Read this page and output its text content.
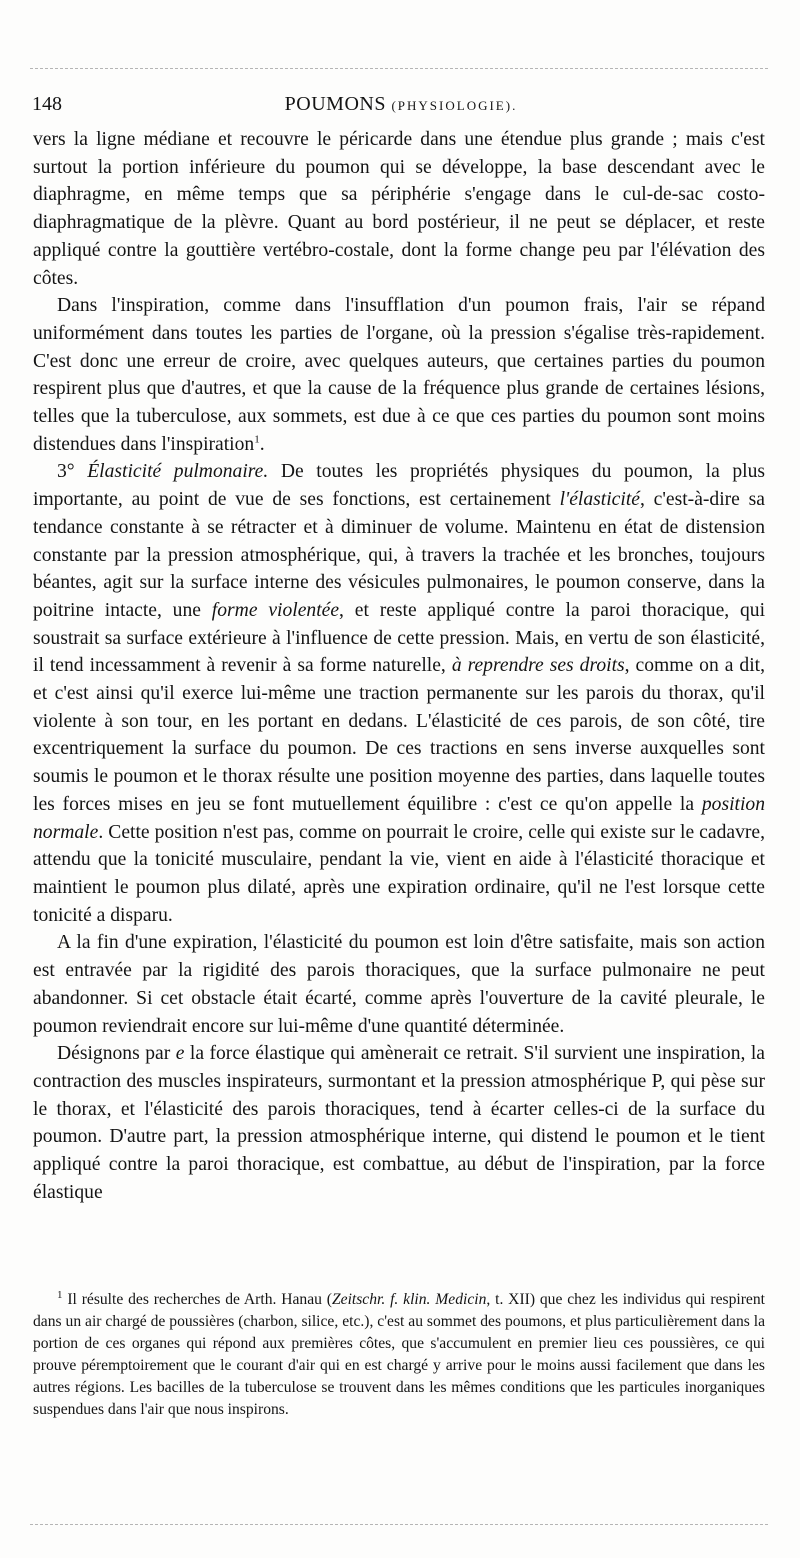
148	POUMONS (PHYSIOLOGIE).

vers la ligne médiane et recouvre le péricarde dans une étendue plus grande ; mais c'est surtout la portion inférieure du poumon qui se développe, la base descendant avec le diaphragme, en même temps que sa périphérie s'engage dans le cul-de-sac costo-diaphragmatique de la plèvre. Quant au bord postérieur, il ne peut se déplacer, et reste appliqué contre la gouttière vertébro-costale, dont la forme change peu par l'élévation des côtes.

Dans l'inspiration, comme dans l'insufflation d'un poumon frais, l'air se répand uniformément dans toutes les parties de l'organe, où la pression s'égalise très-rapidement. C'est donc une erreur de croire, avec quelques auteurs, que certaines parties du poumon respirent plus que d'autres, et que la cause de la fréquence plus grande de certaines lésions, telles que la tuberculose, aux sommets, est due à ce que ces parties du poumon sont moins distendues dans l'inspiration$^1$.

3° Élasticité pulmonaire. De toutes les propriétés physiques du poumon, la plus importante, au point de vue de ses fonctions, est certainement l'élasticité, c'est-à-dire sa tendance constante à se rétracter et à diminuer de volume. Maintenu en état de distension constante par la pression atmosphérique, qui, à travers la trachée et les bronches, toujours béantes, agit sur la surface interne des vésicules pulmonaires, le poumon conserve, dans la poitrine intacte, une forme violentée, et reste appliqué contre la paroi thoracique, qui soustrait sa surface extérieure à l'influence de cette pression. Mais, en vertu de son élasticité, il tend incessamment à revenir à sa forme naturelle, à reprendre ses droits, comme on a dit, et c'est ainsi qu'il exerce lui-même une traction permanente sur les parois du thorax, qu'il violente à son tour, en les portant en dedans. L'élasticité de ces parois, de son côté, tire excentriquement la surface du poumon. De ces tractions en sens inverse auxquelles sont soumis le poumon et le thorax résulte une position moyenne des parties, dans laquelle toutes les forces mises en jeu se font mutuellement équilibre : c'est ce qu'on appelle la position normale. Cette position n'est pas, comme on pourrait le croire, celle qui existe sur le cadavre, attendu que la tonicité musculaire, pendant la vie, vient en aide à l'élasticité thoracique et maintient le poumon plus dilaté, après une expiration ordinaire, qu'il ne l'est lorsque cette tonicité a disparu.

A la fin d'une expiration, l'élasticité du poumon est loin d'être satisfaite, mais son action est entravée par la rigidité des parois thoraciques, que la surface pulmonaire ne peut abandonner. Si cet obstacle était écarté, comme après l'ouverture de la cavité pleurale, le poumon reviendrait encore sur lui-même d'une quantité déterminée.

Désignons par e la force élastique qui amènerait ce retrait. S'il survient une inspiration, la contraction des muscles inspirateurs, surmontant et la pression atmosphérique P, qui pèse sur le thorax, et l'élasticité des parois thoraciques, tend à écarter celles-ci de la surface du poumon. D'autre part, la pression atmosphérique interne, qui distend le poumon et le tient appliqué contre la paroi thoracique, est combattue, au début de l'inspiration, par la force élastique

$^1$ Il résulte des recherches de Arth. Hanau (Zeitschr. f. klin. Medicin, t. XII) que chez les individus qui respirent dans un air chargé de poussières (charbon, silice, etc.), c'est au sommet des poumons, et plus particulièrement dans la portion de ces organes qui répond aux premières côtes, que s'accumulent en premier lieu ces poussières, ce qui prouve péremptoirement que le courant d'air qui en est chargé y arrive pour le moins aussi facilement que dans les autres régions. Les bacilles de la tuberculose se trouvent dans les mêmes conditions que les particules inorganiques suspendues dans l'air que nous inspirons.
